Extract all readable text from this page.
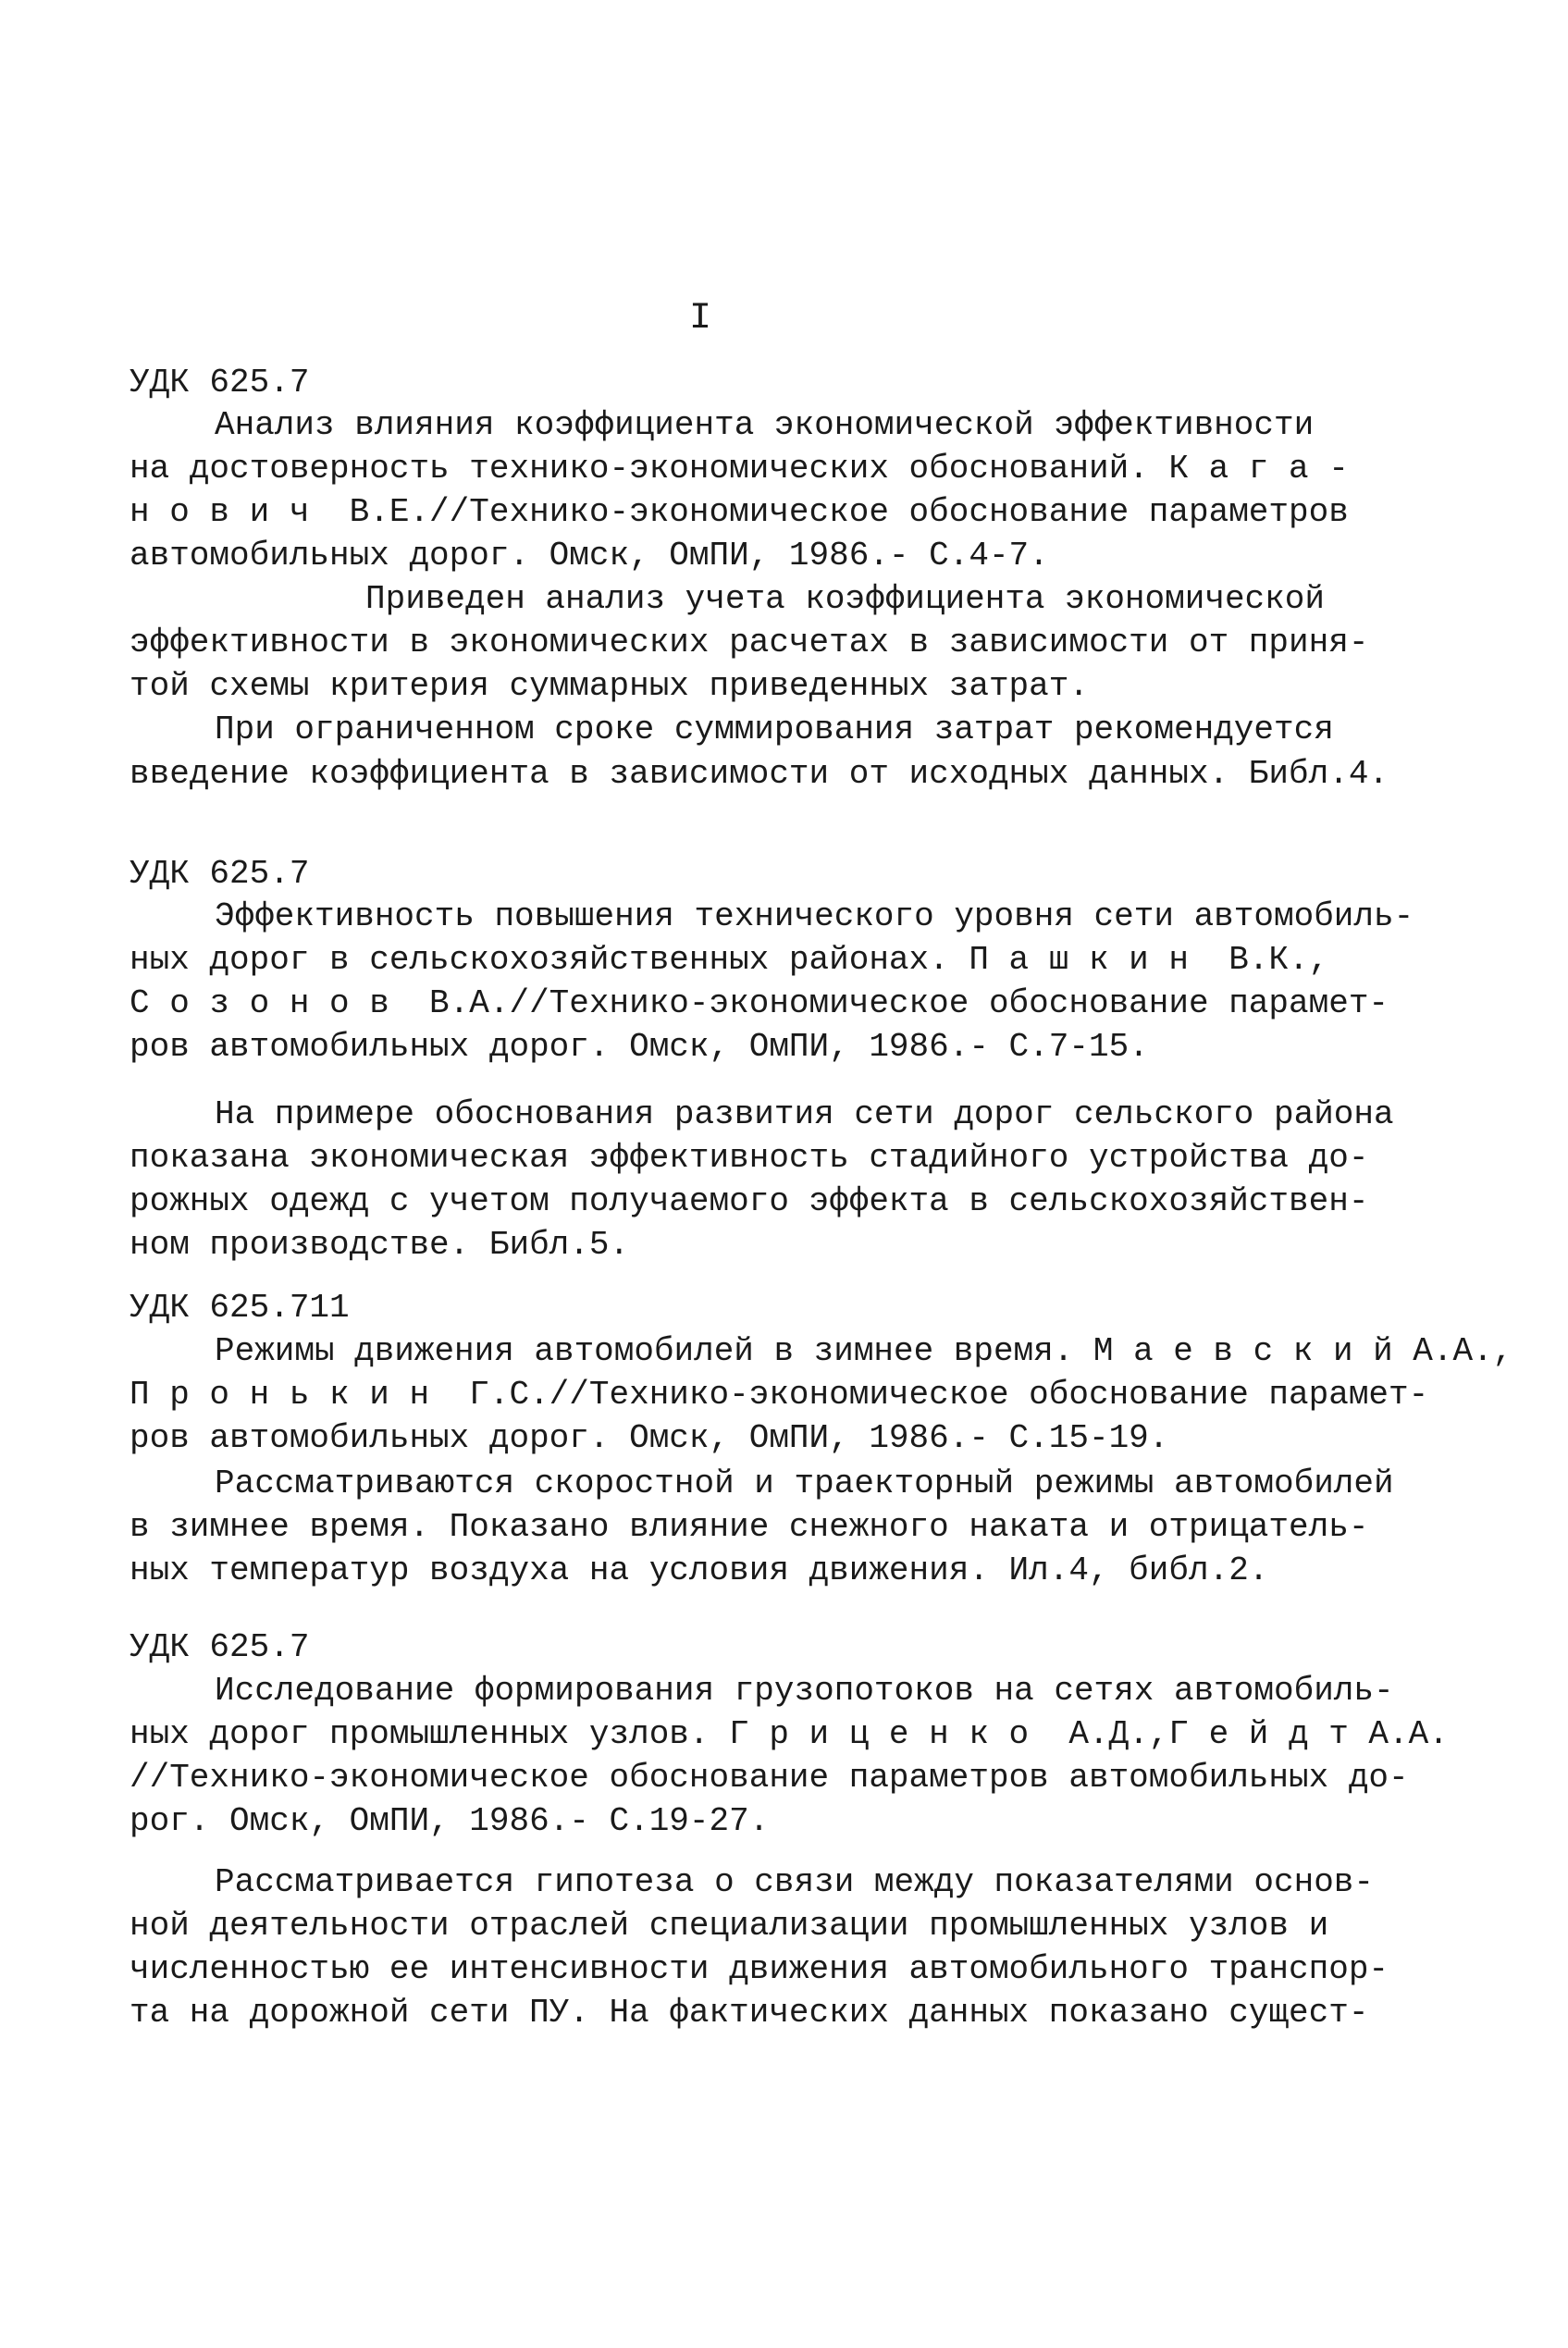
I
УДК 625.7
Анализ влияния коэффициента экономической эффективности
на достоверность технико-экономических обоснований. К а г а -
н о в и ч  В.Е.//Технико-экономическое обоснование параметров
автомобильных дорог. Омск, ОмПИ, 1986.- С.4-7.
Приведен анализ учета коэффициента экономической
эффективности в экономических расчетах в зависимости от приня-
той схемы критерия суммарных приведенных затрат.
При ограниченном сроке суммирования затрат рекомендуется
введение коэффициента в зависимости от исходных данных. Библ.4.
УДК 625.7
Эффективность повышения технического уровня сети автомобиль-
ных дорог в сельскохозяйственных районах. П а ш к и н  В.К.,
С о з о н о в  В.А.//Технико-экономическое обоснование парамет-
ров автомобильных дорог. Омск, ОмПИ, 1986.- С.7-15.
На примере обоснования развития сети дорог сельского района
показана экономическая эффективность стадийного устройства до-
рожных одежд с учетом получаемого эффекта в сельскохозяйствен-
ном производстве. Библ.5.
УДК 625.711
Режимы движения автомобилей в зимнее время. М а е в с к и й А.А.,
П р о н ь к и н  Г.С.//Технико-экономическое обоснование парамет-
ров автомобильных дорог. Омск, ОмПИ, 1986.- С.15-19.
Рассматриваются скоростной и траекторный режимы автомобилей
в зимнее время. Показано влияние снежного наката и отрицатель-
ных температур воздуха на условия движения. Ил.4, библ.2.
УДК 625.7
Исследование формирования грузопотоков на сетях автомобиль-
ных дорог промышленных узлов. Г р и ц е н к о  А.Д.,Г е й д т А.А.
//Технико-экономическое обоснование параметров автомобильных до-
рог. Омск, ОмПИ, 1986.- С.19-27.
Рассматривается гипотеза о связи между показателями основ-
ной деятельности отраслей специализации промышленных узлов и
численностью ее интенсивности движения автомобильного транспор-
та на дорожной сети ПУ. На фактических данных показано сущест-
